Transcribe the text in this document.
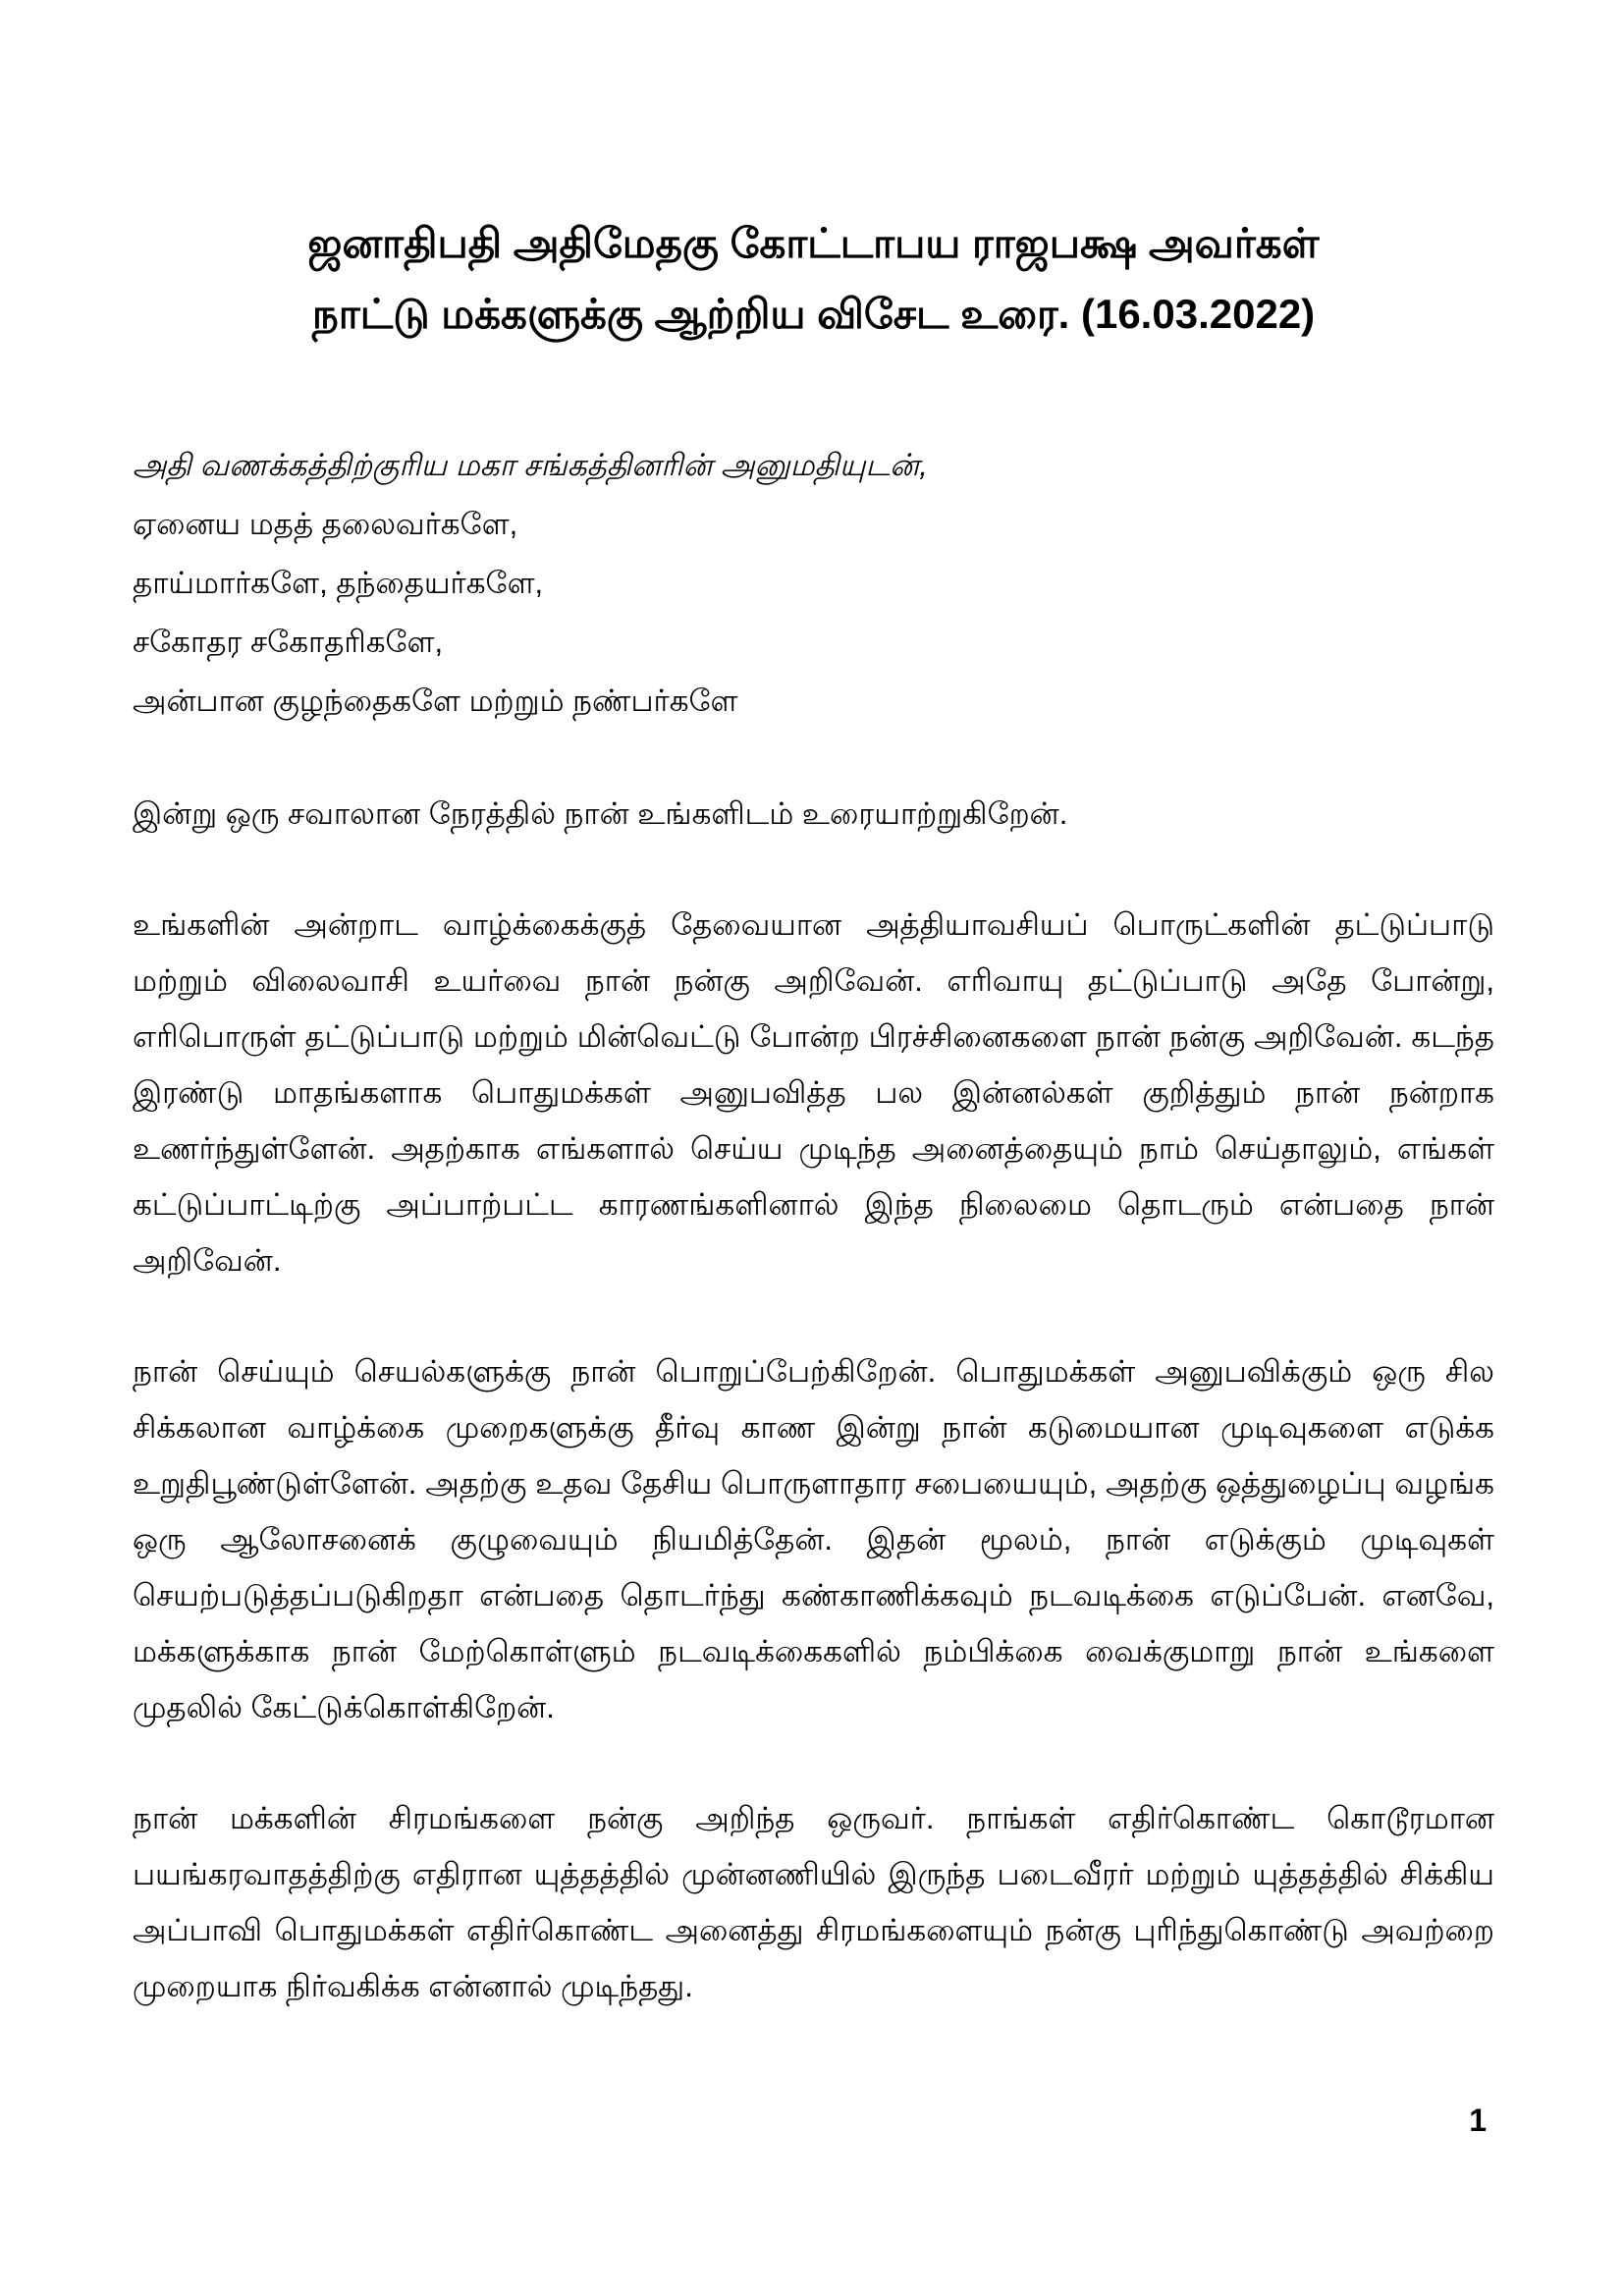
ஜனாதிபதி அதிமேதகு கோட்டாபய ராஜபக்ஷ அவர்கள்
நாட்டு மக்களுக்கு ஆற்றிய விசேட உரை. (16.03.2022)
அதி வணக்கத்திற்குரிய மகா சங்கத்தினரின் அனுமதியுடன்,
ஏனைய மதத் தலைவர்களே,
தாய்மார்களே, தந்தையர்களே,
சகோதர சகோதரிகளே,
அன்பான குழந்தைகளே மற்றும் நண்பர்களே

இன்று ஒரு சவாலான நேரத்தில் நான் உங்களிடம் உரையாற்றுகிறேன்.

உங்களின் அன்றாட வாழ்க்கைக்குத் தேவையான அத்தியாவசியப் பொருட்களின் தட்டுப்பாடு மற்றும் விலைவாசி உயர்வை நான் நன்கு அறிவேன். எரிவாயு தட்டுப்பாடு அதே போன்று, எரிபொருள் தட்டுப்பாடு மற்றும் மின்வெட்டு போன்ற பிரச்சினைகளை நான் நன்கு அறிவேன். கடந்த இரண்டு மாதங்களாக பொதுமக்கள் அனுபவித்த பல இன்னல்கள் குறித்தும் நான் நன்றாக உணர்ந்துள்ளேன். அதற்காக எங்களால் செய்ய முடிந்த அனைத்தையும் நாம் செய்தாலும், எங்கள் கட்டுப்பாட்டிற்கு அப்பாற்பட்ட காரணங்களினால் இந்த நிலைமை தொடரும் என்பதை நான் அறிவேன்.

நான் செய்யும் செயல்களுக்கு நான் பொறுப்பேற்கிறேன். பொதுமக்கள் அனுபவிக்கும் ஒரு சில சிக்கலான வாழ்க்கை முறைகளுக்கு தீர்வு காண இன்று நான் கடுமையான முடிவுகளை எடுக்க உறுதிபூண்டுள்ளேன். அதற்கு உதவ தேசிய பொருளாதார சபையையும், அதற்கு ஒத்துழைப்பு வழங்க ஒரு ஆலோசனைக் குழுவையும் நியமித்தேன். இதன் மூலம், நான் எடுக்கும் முடிவுகள் செயற்படுத்தப்படுகிறதா என்பதை தொடர்ந்து கண்காணிக்கவும் நடவடிக்கை எடுப்பேன். எனவே, மக்களுக்காக நான் மேற்கொள்ளும் நடவடிக்கைகளில் நம்பிக்கை வைக்குமாறு நான் உங்களை முதலில் கேட்டுக்கொள்கிறேன்.

நான் மக்களின் சிரமங்களை நன்கு அறிந்த ஒருவர். நாங்கள் எதிர்கொண்ட கொடூரமான பயங்கரவாதத்திற்கு எதிரான யுத்தத்தில் முன்னணியில் இருந்த படைவீரர் மற்றும் யுத்தத்தில் சிக்கிய அப்பாவி பொதுமக்கள் எதிர்கொண்ட அனைத்து சிரமங்களையும் நன்கு புரிந்துகொண்டு அவற்றை முறையாக நிர்வகிக்க என்னால் முடிந்தது.

1
